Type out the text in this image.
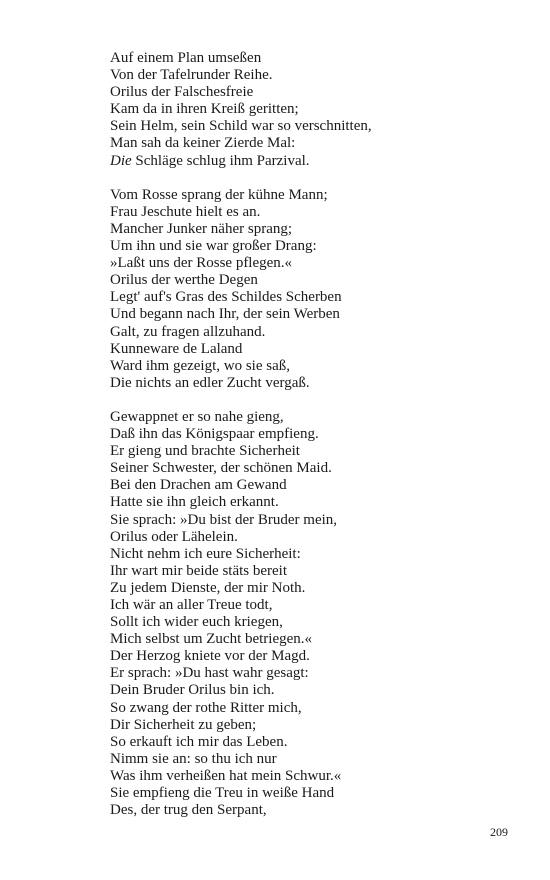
Auf einem Plan umseßen
Von der Tafelrunder Reihe.
Orilus der Falschesfreie
Kam da in ihren Kreiß geritten;
Sein Helm, sein Schild war so verschnitten,
Man sah da keiner Zierde Mal:
Die Schläge schlug ihm Parzival.
Vom Rosse sprang der kühne Mann;
Frau Jeschute hielt es an.
Mancher Junker näher sprang;
Um ihn und sie war großer Drang:
»Laßt uns der Rosse pflegen.«
Orilus der werthe Degen
Legt' auf's Gras des Schildes Scherben
Und begann nach Ihr, der sein Werben
Galt, zu fragen allzuhand.
Kunneware de Laland
Ward ihm gezeigt, wo sie saß,
Die nichts an edler Zucht vergaß.
Gewappnet er so nahe gieng,
Daß ihn das Königspaar empfieng.
Er gieng und brachte Sicherheit
Seiner Schwester, der schönen Maid.
Bei den Drachen am Gewand
Hatte sie ihn gleich erkannt.
Sie sprach: »Du bist der Bruder mein,
Orilus oder Lähelein.
Nicht nehm ich eure Sicherheit:
Ihr wart mir beide stäts bereit
Zu jedem Dienste, der mir Noth.
Ich wär an aller Treue todt,
Sollt ich wider euch kriegen,
Mich selbst um Zucht betriegen.«
Der Herzog kniete vor der Magd.
Er sprach: »Du hast wahr gesagt:
Dein Bruder Orilus bin ich.
So zwang der rothe Ritter mich,
Dir Sicherheit zu geben;
So erkauft ich mir das Leben.
Nimm sie an: so thu ich nur
Was ihm verheißen hat mein Schwur.«
Sie empfieng die Treu in weiße Hand
Des, der trug den Serpant,
209
